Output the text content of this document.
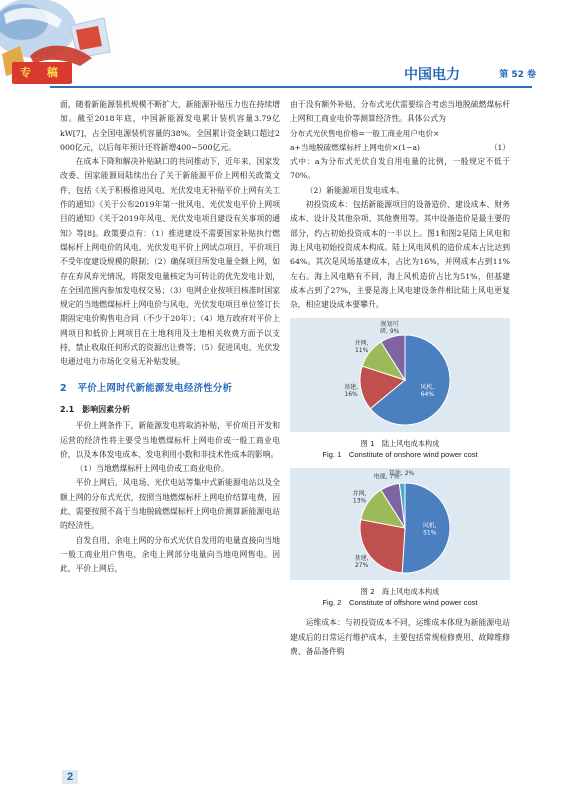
专 稿	中国电力	第 52 卷

面，随着新能源装机规模不断扩大，新能源补贴压力也在持续增加。截至2018年底，中国新能源发电累计装机容量3.79亿kW[7]，占全国电源装机容量的38%。全国累计资金缺口超过2 000亿元，以后每年预计还将新增400~500亿元。

在成本下降和解决补贴缺口的共同推动下，近年来，国家发改委、国家能源局陆续出台了关于新能源平价上网相关政策文件，包括《关于积极推进风电、光伏发电无补贴平价上网有关工作的通知》《关于公布2019年第一批风电、光伏发电平价上网项目的通知》《关于2019年风电、光伏发电项目建设有关事项的通知》等[8]。政策要点有：（1）推进建设不需要国家补贴执行燃煤标杆上网电价的风电、光伏发电平价上网试点项目，平价项目不受年度建设规模的限制；（2）确保项目所发电量全额上网，如存在弃风弃光情况，将限发电量核定为可转让的优先发电计划，在全国范围内参加发电权交易；（3）电网企业按项目核准时国家规定的当地燃煤标杆上网电价与风电、光伏发电项目单位签订长期固定电价购售电合同（不少于20年）；（4）地方政府对平价上网项目和低价上网项目在土地利用及土地相关收费方面予以支持，禁止收取任何形式的资源出让费等；（5）促进风电、光伏发电通过电力市场化交易无补贴发展。

2 平价上网时代新能源发电经济性分析

2.1　影响因素分析

平价上网条件下，新能源发电将取消补贴，平价项目开发和运营的经济性将主要受当地燃煤标杆上网电价或一般工商业电价，以及本体发电成本、发电利用小数和非技术性成本的影响。

（1）当地燃煤标杆上网电价或工商业电价。

平价上网后，风电场、光伏电站等集中式新能源电站以及全额上网的分布式光伏，按照当地燃煤标杆上网电价结算电费，因此，需要按照不高于当地脱硫燃煤标杆上网电价测算新能源电站的经济性。

自发自用、余电上网的分布式光伏自发用的电量直接向当地一般工商业用户售电，余电上网部分电量向当地电网售电。因此，平价上网后，

由于没有额外补贴，分布式光伏需要综合考虑当地脱硫燃煤标杆上网和工商业电价等测算经济性。具体公式为

分布式光伏售电价格=一般工商业用户电价×

a+当地脱硫燃煤标杆上网电价×(1−a)	（1）

式中：a为分布式光伏自发自用电量的比例，一般规定不低于70%。

（2）新能源项目发电成本。

初投资成本：包括新能源项目的设备造价、建设成本、财务成本、设计及其他杂项、其他费用等。其中设备造价是最主要的部分，约占初始投资成本的一半以上。图1和图2是陆上风电和海上风电初始投资成本构成。陆上风电风机的造价成本占比达到64%。其次是风场基建成本，占比为16%，并网成本占到11%左右。海上风电略有不同，海上风机造价占比为51%，但基建成本占到了27%，主要是海上风电建设条件相比陆上风电更复杂，相应建设成本要攀升。

风机, 64%
基建, 16%
并网, 11%
规划可研, 9%
图 1　陆上风电成本构成
Fig. 1　Constitute of onshore wind power cost
风机, 51%
基建, 27%
并网, 13%
电缆, 7%
其他, 2%
图 2　海上风电成本构成
Fig. 2　Constitute of offshore wind power cost

运维成本：与初投资成本不同，运维成本体现为新能源电站建成后的日常运行维护成本，主要包括常规检修费用、故障维修费、备品备件购

2
